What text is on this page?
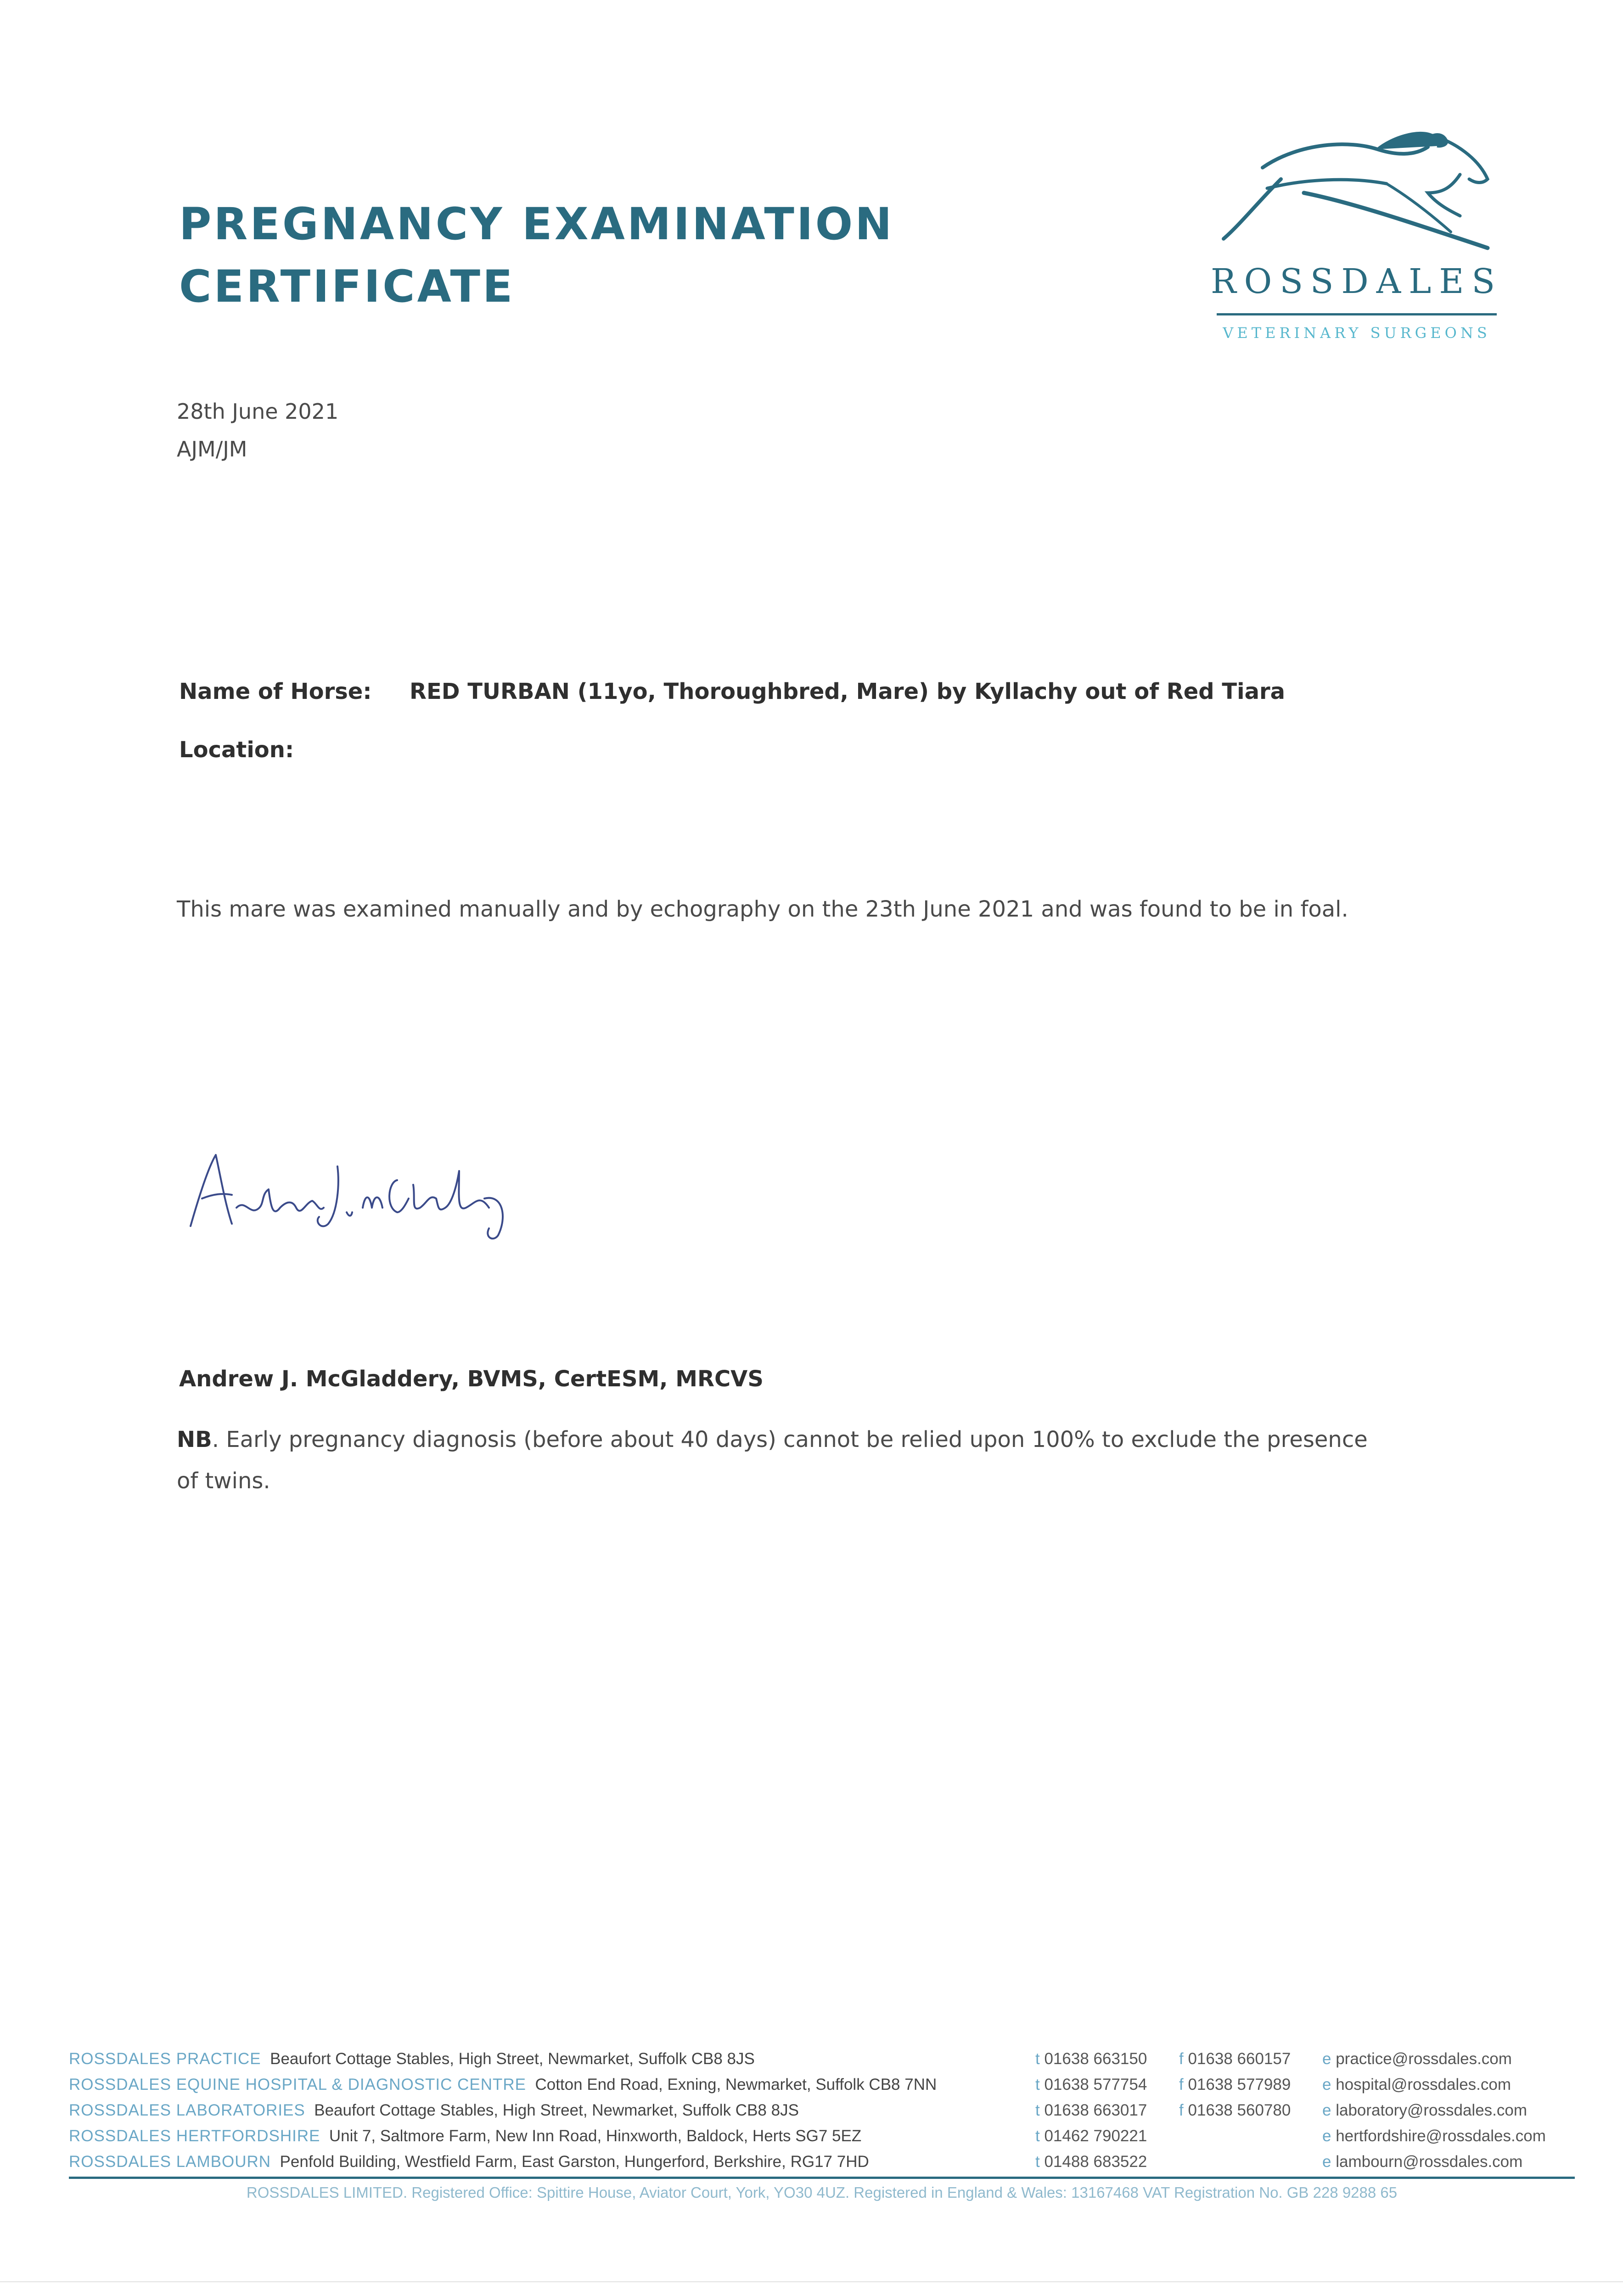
PREGNANCY EXAMINATION
CERTIFICATE	ROSSDALES
VETERINARY SURGEONS
28th June 2021
AJM/JM
Name of Horse: RED TURBAN (11yo, Thoroughbred, Mare) by Kyllachy out of Red Tiara
Location:

This mare was examined manually and by echography on the 23th June 2021 and was found to be in foal.

Andrew J. McGladdery, BVMS, CertESM, MRCVS

NB. Early pregnancy diagnosis (before about 40 days) cannot be relied upon 100% to exclude the presence of twins.

ROSSDALES PRACTICE Beaufort Cottage Stables, High Street, Newmarket, Suffolk CB8 8JS
ROSSDALES EQUINE HOSPITAL & DIAGNOSTIC CENTRE Cotton End Road, Exning, Newmarket, Suffolk CB8 7NN
ROSSDALES LABORATORIES Beaufort Cottage Stables, High Street, Newmarket, Suffolk CB8 8JS
ROSSDALES HERTFORDSHIRE Unit 7, Saltmore Farm, New Inn Road, Hinxworth, Baldock, Herts SG7 5EZ
ROSSDALES LAMBOURN Penfold Building, Westfield Farm, East Garston, Hungerford, Berkshire, RG17 7HD
t 01638 663150
t 01638 577754
t 01638 663017
t 01462 790221
t 01488 683522
f 01638 660157
f 01638 577989
f 01638 560780
e practice@rossdales.com
e hospital@rossdales.com
e laboratory@rossdales.com
e hertfordshire@rossdales.com
e lambourn@rossdales.com
ROSSDALES LIMITED. Registered Office: Spittire House, Aviator Court, York, YO30 4UZ. Registered in England & Wales: 13167468 VAT Registration No. GB 228 9288 65
